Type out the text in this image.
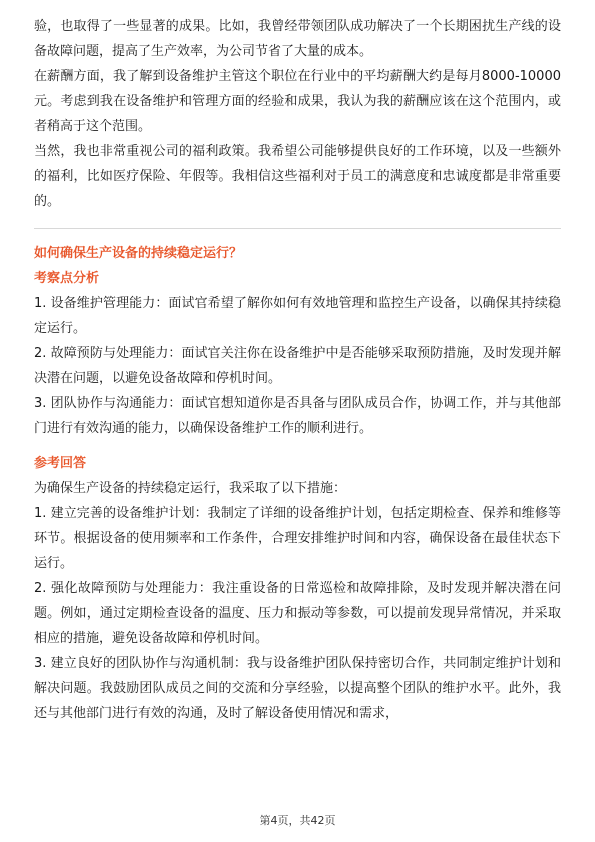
验，也取得了一些显著的成果。比如，我曾经带领团队成功解决了一个长期困扰生产线的设备故障问题，提高了生产效率，为公司节省了大量的成本。

在薪酬方面，我了解到设备维护主管这个职位在行业中的平均薪酬大约是每月8000-10000元。考虑到我在设备维护和管理方面的经验和成果，我认为我的薪酬应该在这个范围内，或者稍高于这个范围。

当然，我也非常重视公司的福利政策。我希望公司能够提供良好的工作环境，以及一些额外的福利，比如医疗保险、年假等。我相信这些福利对于员工的满意度和忠诚度都是非常重要的。

如何确保生产设备的持续稳定运行？

考察点分析

1. 设备维护管理能力：面试官希望了解你如何有效地管理和监控生产设备，以确保其持续稳定运行。

2. 故障预防与处理能力：面试官关注你在设备维护中是否能够采取预防措施，及时发现并解决潜在问题，以避免设备故障和停机时间。

3. 团队协作与沟通能力：面试官想知道你是否具备与团队成员合作，协调工作，并与其他部门进行有效沟通的能力，以确保设备维护工作的顺利进行。

参考回答

为确保生产设备的持续稳定运行，我采取了以下措施：

1. 建立完善的设备维护计划：我制定了详细的设备维护计划，包括定期检查、保养和维修等环节。根据设备的使用频率和工作条件，合理安排维护时间和内容，确保设备在最佳状态下运行。

2. 强化故障预防与处理能力：我注重设备的日常巡检和故障排除，及时发现并解决潜在问题。例如，通过定期检查设备的温度、压力和振动等参数，可以提前发现异常情况，并采取相应的措施，避免设备故障和停机时间。

3. 建立良好的团队协作与沟通机制：我与设备维护团队保持密切合作，共同制定维护计划和解决问题。我鼓励团队成员之间的交流和分享经验，以提高整个团队的维护水平。此外，我还与其他部门进行有效的沟通，及时了解设备使用情况和需求，

第4页，共42页
